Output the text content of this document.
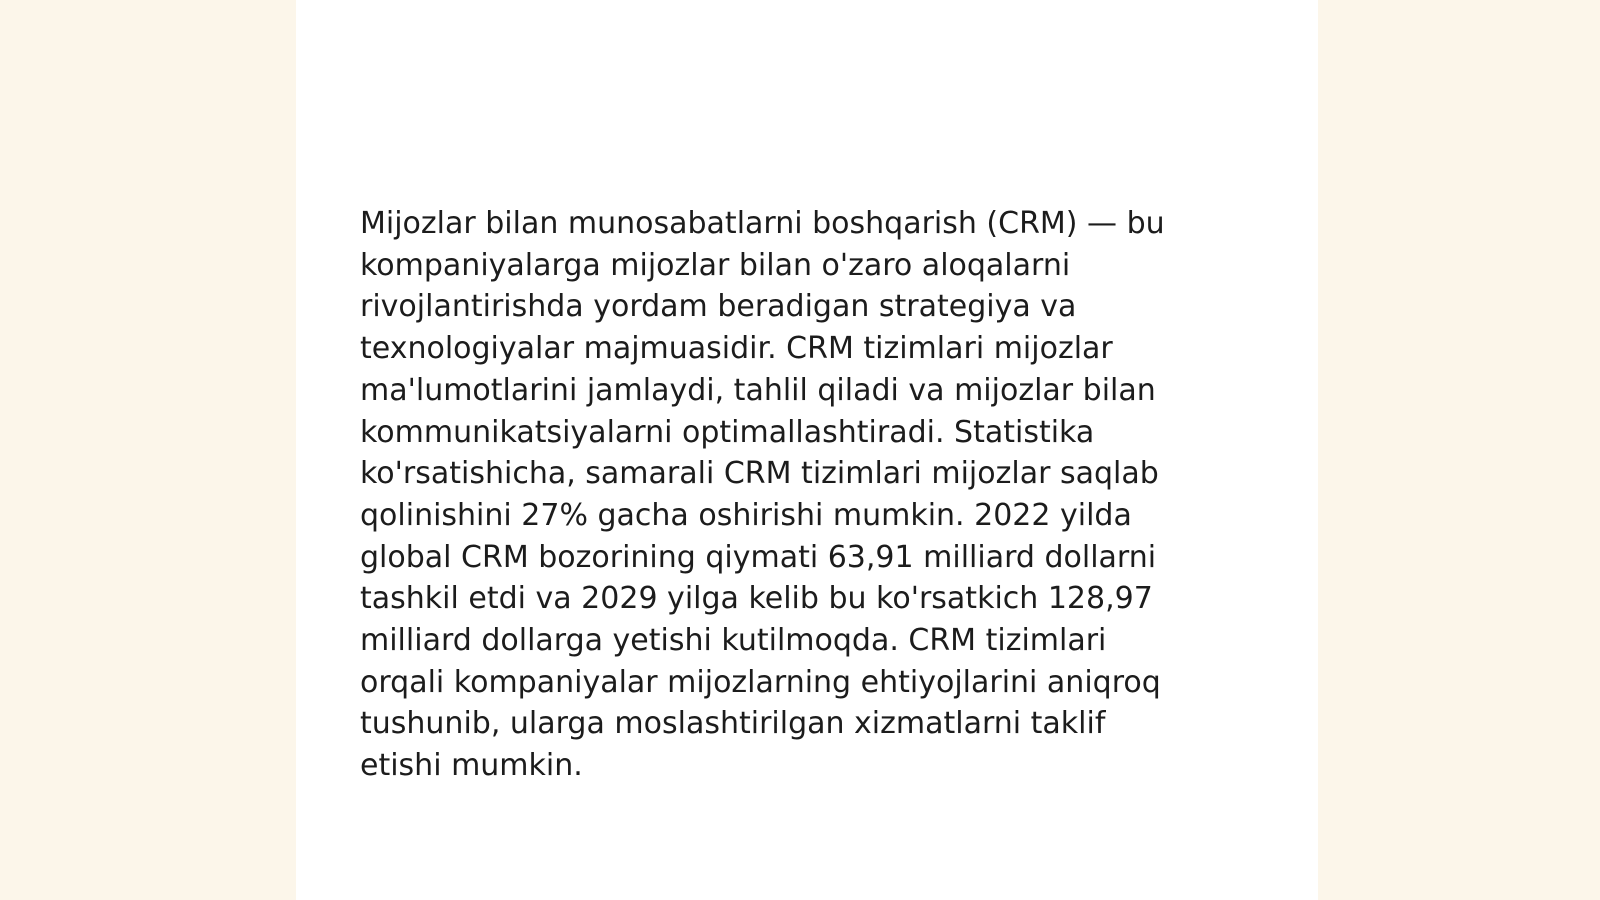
Mijozlar bilan munosabatlarni boshqarish (CRM) — bu
kompaniyalarga mijozlar bilan o'zaro aloqalarni
rivojlantirishda yordam beradigan strategiya va
texnologiyalar majmuasidir. CRM tizimlari mijozlar
ma'lumotlarini jamlaydi, tahlil qiladi va mijozlar bilan
kommunikatsiyalarni optimallashtiradi. Statistika
ko'rsatishicha, samarali CRM tizimlari mijozlar saqlab
qolinishini 27% gacha oshirishi mumkin. 2022 yilda
global CRM bozorining qiymati 63,91 milliard dollarni
tashkil etdi va 2029 yilga kelib bu ko'rsatkich 128,97
milliard dollarga yetishi kutilmoqda. CRM tizimlari
orqali kompaniyalar mijozlarning ehtiyojlarini aniqroq
tushunib, ularga moslashtirilgan xizmatlarni taklif
etishi mumkin.
